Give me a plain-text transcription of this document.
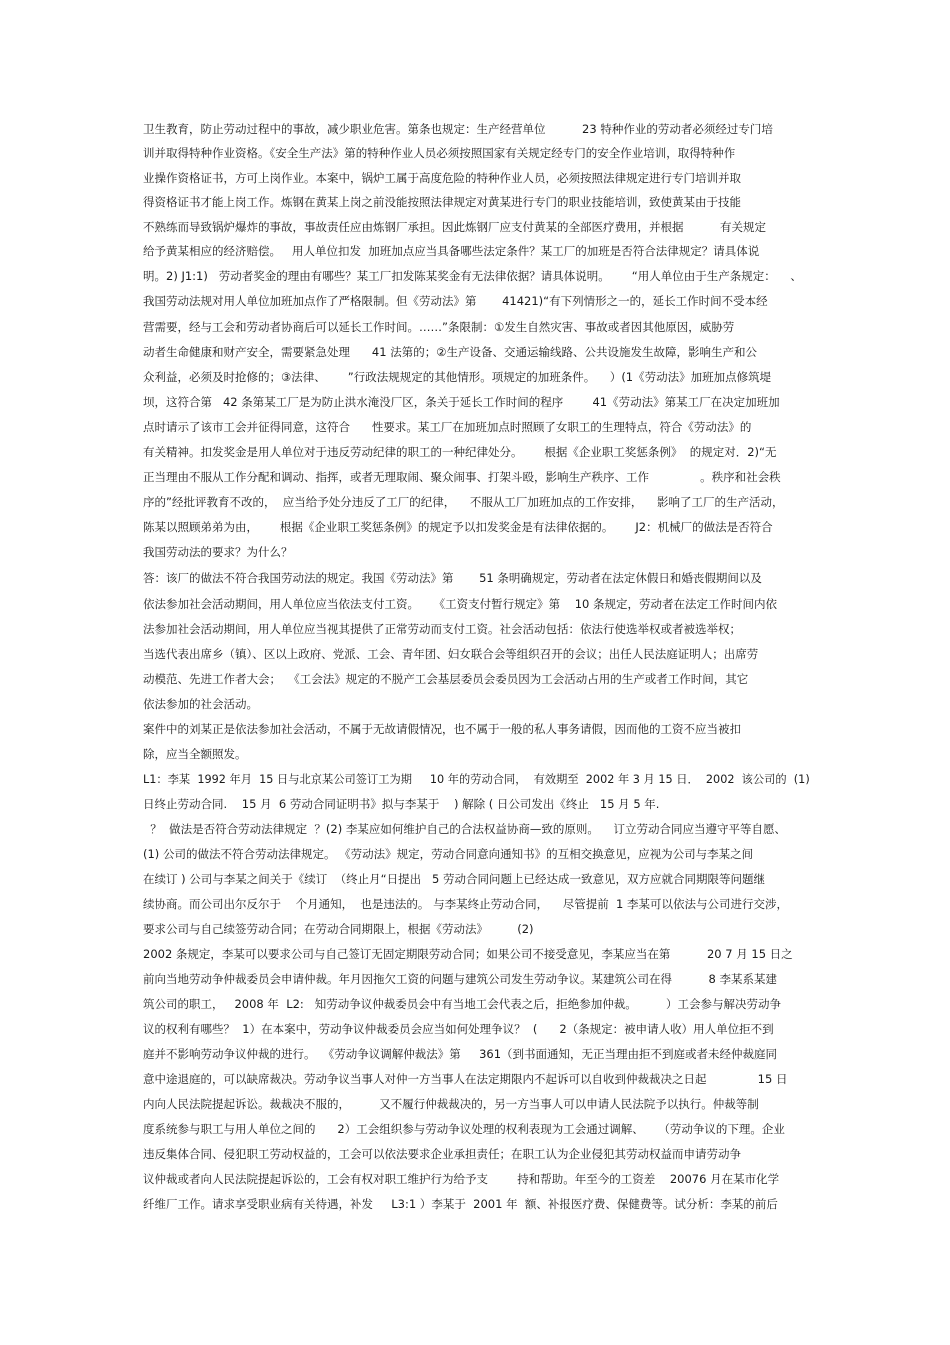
卫生教育，防止劳动过程中的事故，减少职业危害。第条也规定：生产经营单位          23 特种作业的劳动者必须经过专门培
训并取得特种作业资格。《安全生产法》第的特种作业人员必须按照国家有关规定经专门的安全作业培训，取得特种作
业操作资格证书，方可上岗作业。本案中，锅炉工属于高度危险的特种作业人员，必须按照法律规定进行专门培训并取
得资格证书才能上岗工作。炼钢在黄某上岗之前没能按照法律规定对黄某进行专门的职业技能培训，致使黄某由于技能
不熟练而导致锅炉爆炸的事故，事故责任应由炼钢厂承担。因此炼钢厂应支付黄某的全部医疗费用，并根据          有关规定
给予黄某相应的经济赔偿。   用人单位扣发  加班加点应当具备哪些法定条件？某工厂的加班是否符合法律规定？请具体说
明。2) J1:1)   劳动者奖金的理由有哪些？某工厂扣发陈某奖金有无法律依据？请具体说明。      “用人单位由于生产条规定：    、
我国劳动法规对用人单位加班加点作了严格限制。但《劳动法》第       41421)“有下列情形之一的，延长工作时间不受本经
营需要，经与工会和劳动者协商后可以延长工作时间。……”条限制：①发生自然灾害、事故或者因其他原因，威胁劳
动者生命健康和财产安全，需要紧急处理      41 法第的；②生产设备、交通运输线路、公共设施发生故障，影响生产和公
众利益，必须及时抢修的；③法律、      ”行政法规规定的其他情形。项规定的加班条件。    ）(1《劳动法》加班加点修筑堤
坝，这符合第   42 条第某工厂是为防止洪水淹没厂区，条关于延长工作时间的程序        41《劳动法》第某工厂在决定加班加
点时请示了该市工会并征得同意，这符合      性要求。某工厂在加班加点时照顾了女职工的生理特点，符合《劳动法》的
有关精神。扣发奖金是用人单位对于违反劳动纪律的职工的一种纪律处分。      根据《企业职工奖惩条例》  的规定对．2)“无
正当理由不服从工作分配和调动、指挥，或者无理取闹、聚众闹事、打架斗殴，影响生产秩序、工作              。秩序和社会秩
序的”经批评教育不改的，  应当给予处分违反了工厂的纪律，    不服从工厂加班加点的工作安排，    影响了工厂的生产活动，
陈某以照顾弟弟为由，      根据《企业职工奖惩条例》的规定予以扣发奖金是有法律依据的。      J2：机械厂的做法是否符合
我国劳动法的要求？为什么？
答：该厂的做法不符合我国劳动法的规定。我国《劳动法》第       51 条明确规定，劳动者在法定休假日和婚丧假期间以及
依法参加社会活动期间，用人单位应当依法支付工资。    《工资支付暂行规定》第    10 条规定，劳动者在法定工作时间内依
法参加社会活动期间，用人单位应当视其提供了正常劳动而支付工资。社会活动包括：依法行使选举权或者被选举权；
当选代表出席乡（镇）、区以上政府、党派、工会、青年团、妇女联合会等组织召开的会议；出任人民法庭证明人；出席劳
动模范、先进工作者大会；  《工会法》规定的不脱产工会基层委员会委员因为工会活动占用的生产或者工作时间，其它
依法参加的社会活动。
案件中的刘某正是依法参加社会活动，不属于无故请假情况，也不属于一般的私人事务请假，因而他的工资不应当被扣
除，应当全额照发。
L1：李某  1992 年月  15 日与北京某公司签订工为期     10 年的劳动合同，  有效期至  2002 年 3 月 15 日．  2002  该公司的  (1)
日终止劳动合同.    15 月  6 劳动合同证明书》拟与李某于    ) 解除 ( 日公司发出《终止   15 月 5 年.
？  做法是否符合劳动法律规定  ？(2) 李某应如何维护自己的合法权益协商—致的原则。    订立劳动合同应当遵守平等自愿、
(1) 公司的做法不符合劳动法律规定。 《劳动法》规定，劳动合同意向通知书》的互相交换意见，应视为公司与李某之间
在续订 ) 公司与李某之间关于《续订  （终止月“日提出   5 劳动合同问题上已经达成一致意见，双方应就合同期限等问题继
续协商。而公司出尔反尔于    个月通知，  也是违法的。 与李某终止劳动合同，    尽管提前  1 李某可以依法与公司进行交涉，
要求公司与自己续签劳动合同；在劳动合同期限上，根据《劳动法》        (2)
2002 条规定，李某可以要求公司与自己签订无固定期限劳动合同；如果公司不接受意见，李某应当在第          20 7 月 15 日之
前向当地劳动争仲裁委员会申请仲裁。年月因拖欠工资的问题与建筑公司发生劳动争议。某建筑公司在得          8 李某系某建
筑公司的职工，   2008 年  L2:   知劳动争议仲裁委员会中有当地工会代表之后，拒绝参加仲裁。        ）工会参与解决劳动争
议的权利有哪些？  1）在本案中，劳动争议仲裁委员会应当如何处理争议？  (      2（条规定：被申请人收）用人单位拒不到
庭并不影响劳动争议仲裁的进行。  《劳动争议调解仲裁法》第     361（到书面通知，无正当理由拒不到庭或者未经仲裁庭同
意中途退庭的，可以缺席裁决。劳动争议当事人对仲一方当事人在法定期限内不起诉可以自收到仲裁裁决之日起              15 日
内向人民法院提起诉讼。裁裁决不服的，        又不履行仲裁裁决的，另一方当事人可以申请人民法院予以执行。仲裁等制
度系统参与职工与用人单位之间的      2）工会组织参与劳动争议处理的权利表现为工会通过调解、    （劳动争议的下理。企业
违反集体合同、侵犯职工劳动权益的，工会可以依法要求企业承担责任；在职工认为企业侵犯其劳动权益而申请劳动争
议仲裁或者向人民法院提起诉讼的，工会有权对职工维护行为给予支        持和帮助。年至今的工资差    20076 月在某市化学
纤维厂工作。请求享受职业病有关待遇，补发     L3:1 ）李某于  2001 年  额、补报医疗费、保健费等。试分析：李某的前后
